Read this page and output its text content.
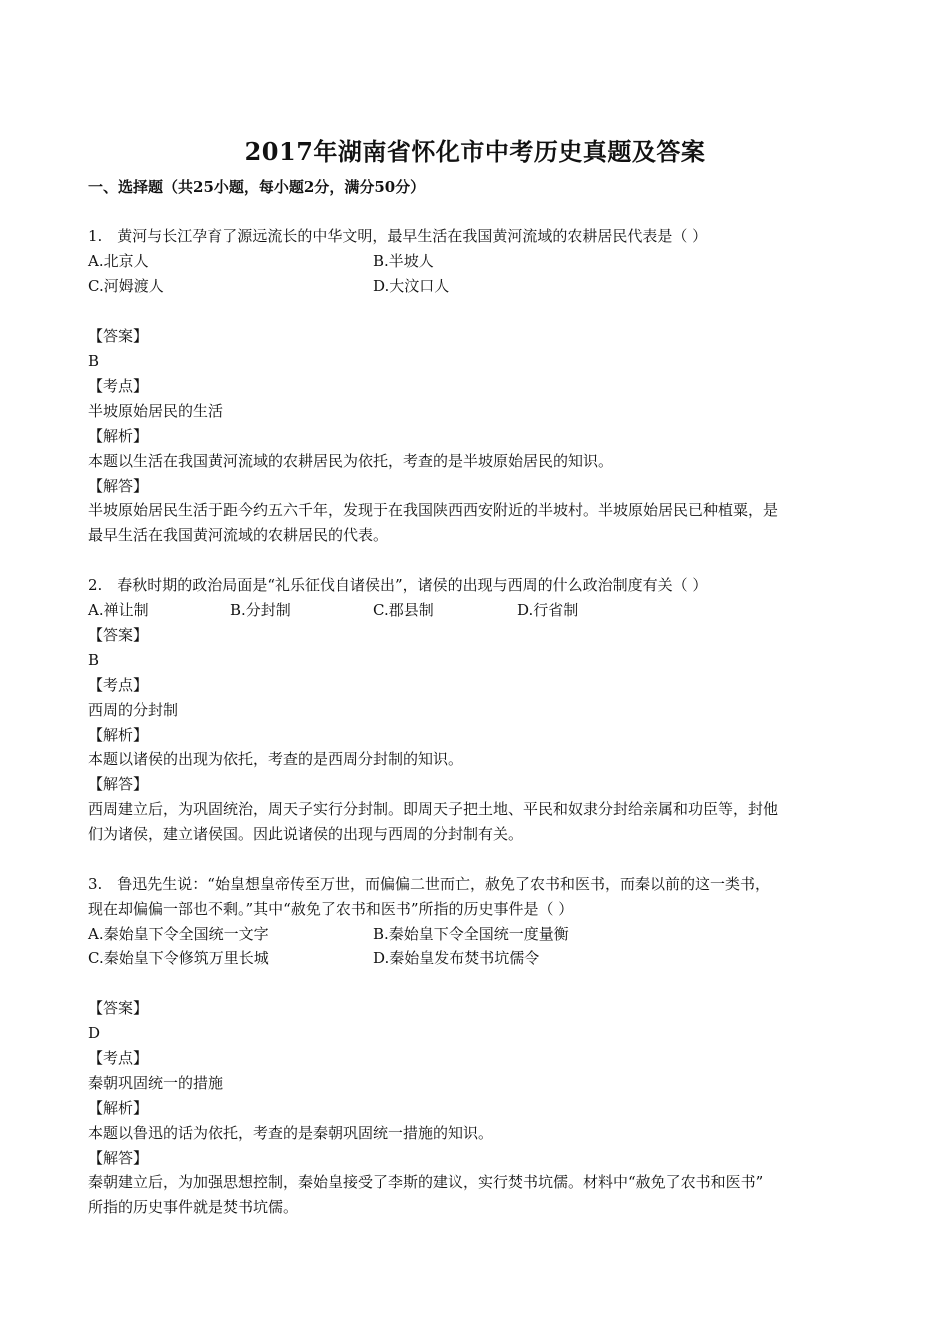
2017年湖南省怀化市中考历史真题及答案
一、选择题（共25小题，每小题2分，满分50分）
1.　黄河与长江孕育了源远流长的中华文明，最早生活在我国黄河流域的农耕居民代表是（ ）
A.北京人	B.半坡人
C.河姆渡人	D.大汶口人
【答案】
B
【考点】
半坡原始居民的生活
【解析】
本题以生活在我国黄河流域的农耕居民为依托，考查的是半坡原始居民的知识。
【解答】
半坡原始居民生活于距今约五六千年，发现于在我国陕西西安附近的半坡村。半坡原始居民已种植粟，是
最早生活在我国黄河流域的农耕居民的代表。
2.　春秋时期的政治局面是“礼乐征伐自诸侯出”，诸侯的出现与西周的什么政治制度有关（ ）
A.禅让制	B.分封制	C.郡县制	D.行省制
【答案】
B
【考点】
西周的分封制
【解析】
本题以诸侯的出现为依托，考查的是西周分封制的知识。
【解答】
西周建立后，为巩固统治，周天子实行分封制。即周天子把土地、平民和奴隶分封给亲属和功臣等，封他
们为诸侯，建立诸侯国。因此说诸侯的出现与西周的分封制有关。
3.　鲁迅先生说：“始皇想皇帝传至万世，而偏偏二世而亡，赦免了农书和医书，而秦以前的这一类书，
现在却偏偏一部也不剩。”其中“赦免了农书和医书”所指的历史事件是（ ）
A.秦始皇下令全国统一文字	B.秦始皇下令全国统一度量衡
C.秦始皇下令修筑万里长城	D.秦始皇发布焚书坑儒令
【答案】
D
【考点】
秦朝巩固统一的措施
【解析】
本题以鲁迅的话为依托，考查的是秦朝巩固统一措施的知识。
【解答】
秦朝建立后，为加强思想控制，秦始皇接受了李斯的建议，实行焚书坑儒。材料中“赦免了农书和医书”
所指的历史事件就是焚书坑儒。
